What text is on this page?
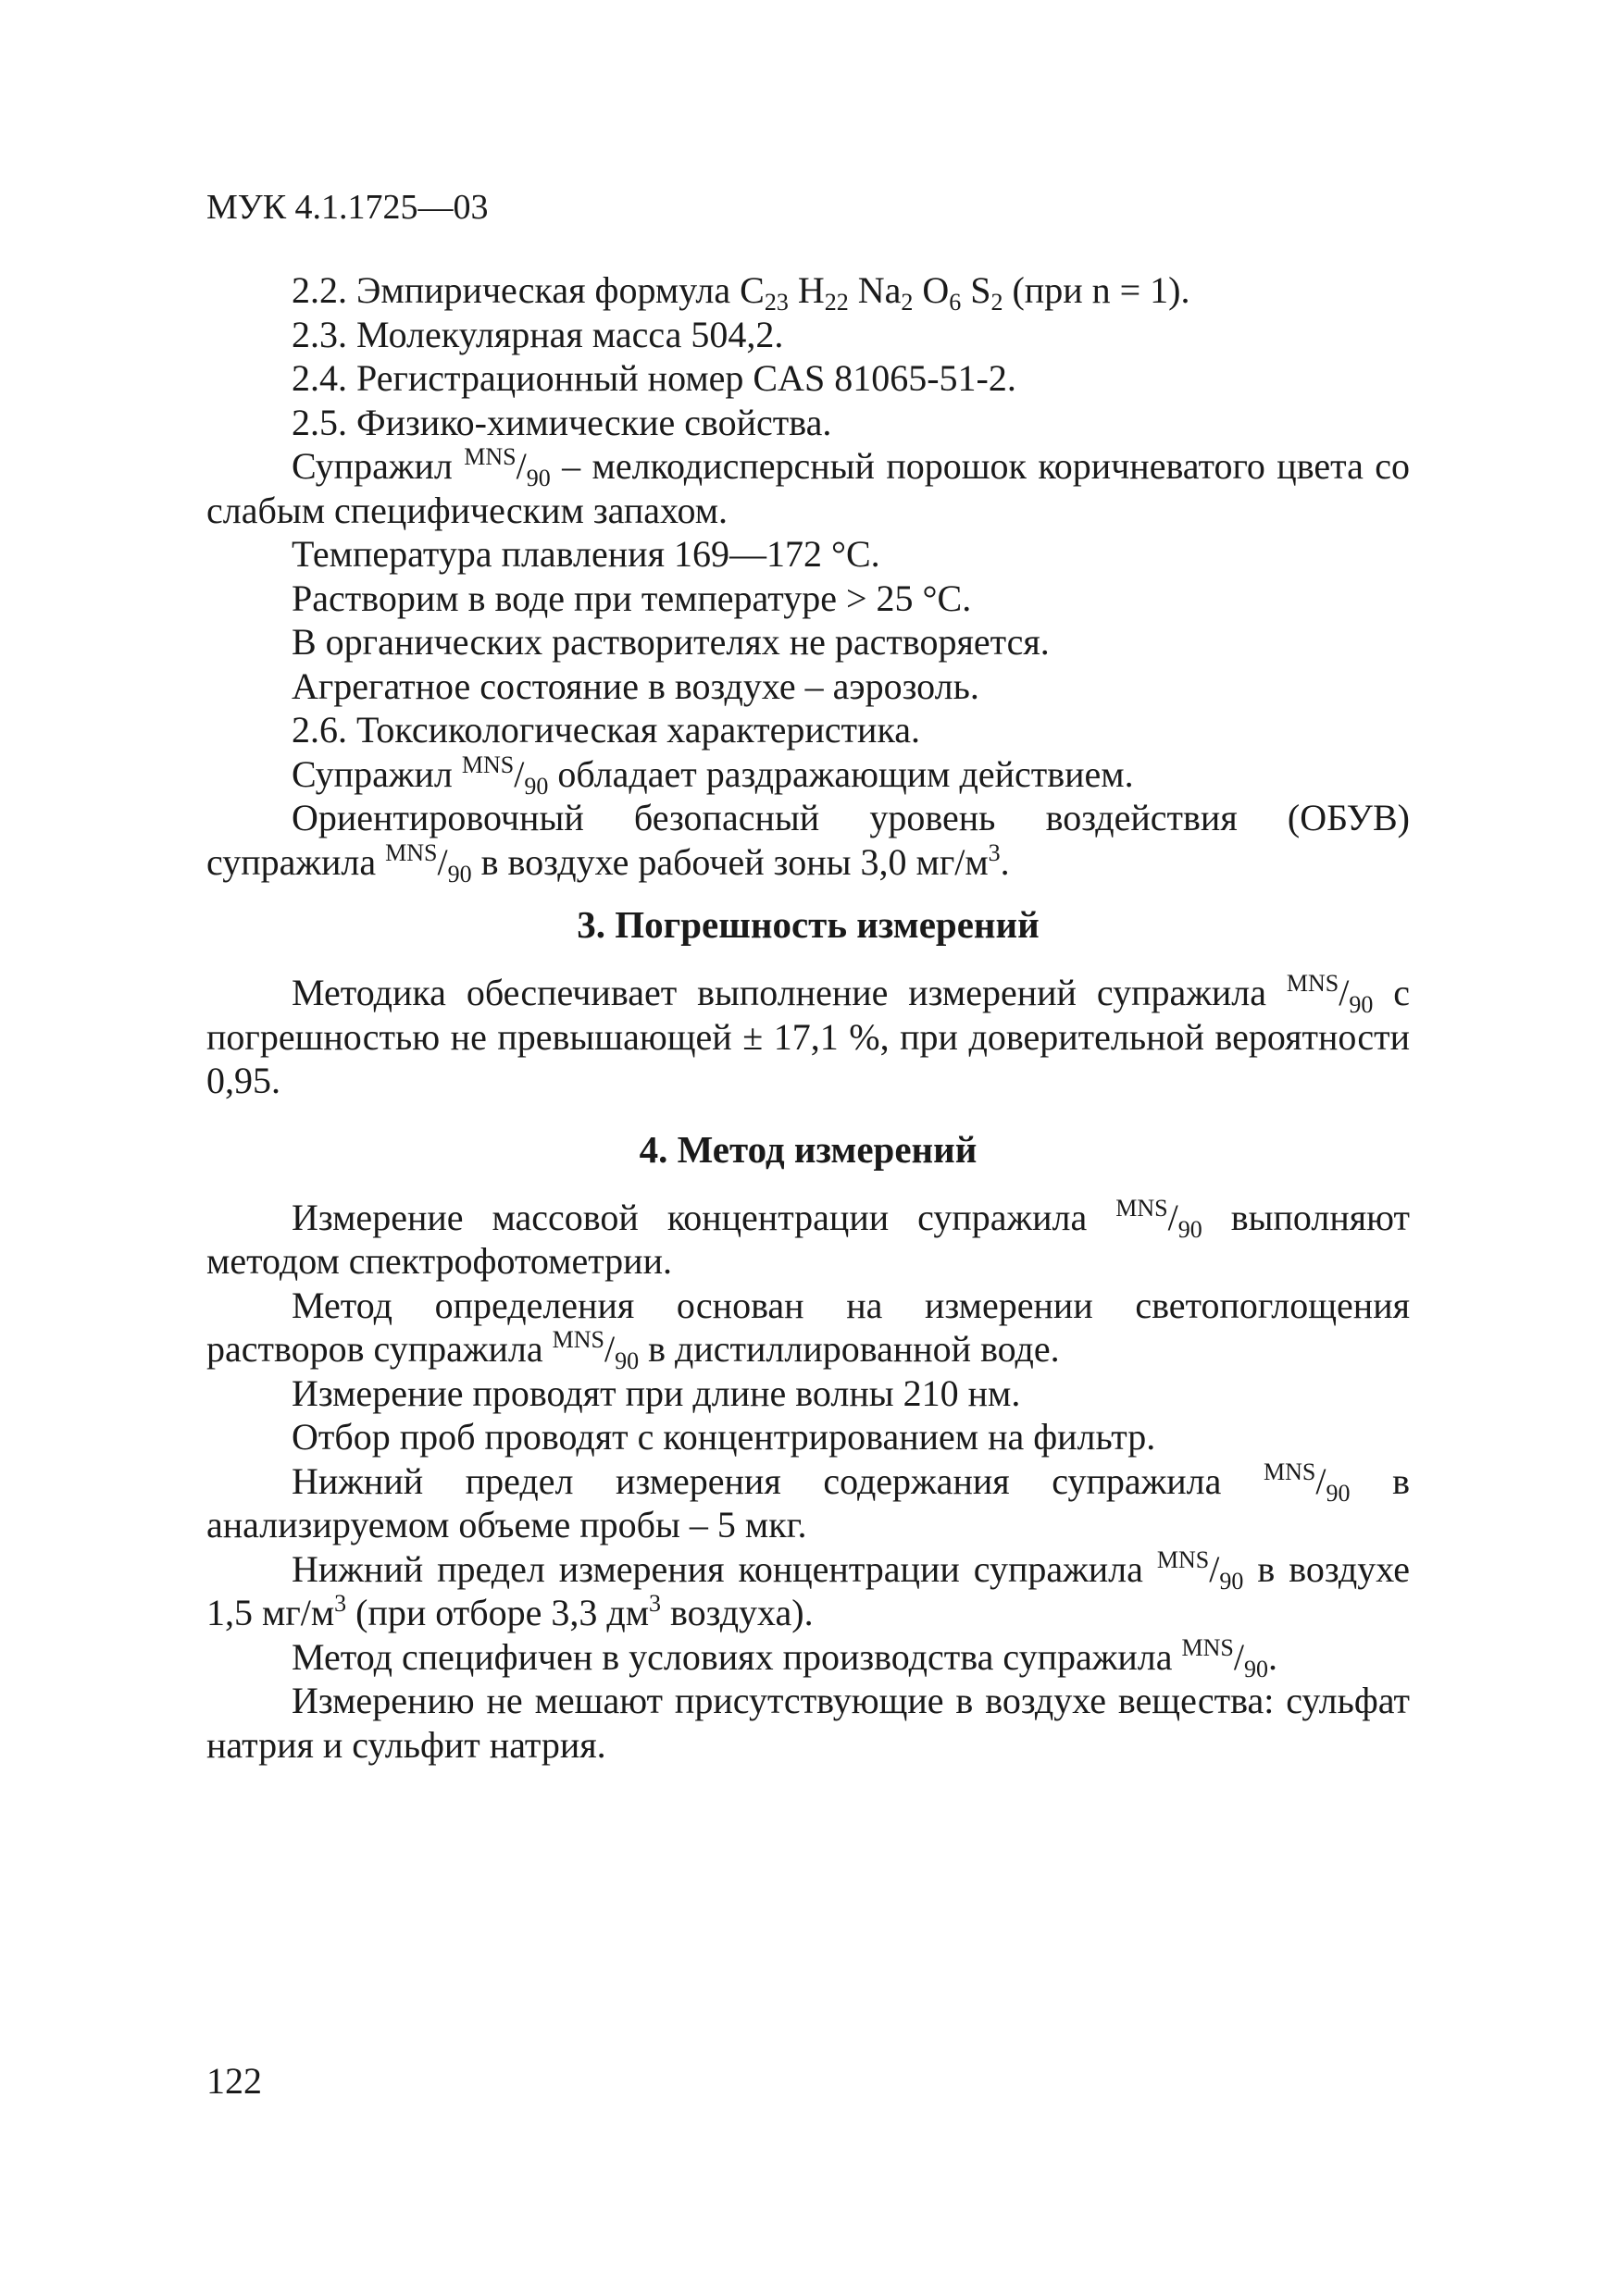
МУК 4.1.1725—03

2.2. Эмпирическая формула $C_{23}$ $H_{22}$ $Na_2$ $O_6$ $S_2$ (при n = 1).

2.3. Молекулярная масса 504,2.

2.4. Регистрационный номер CAS 81065-51-2.

2.5. Физико-химические свойства.

Супражил $^{MNS}/_{90}$ – мелкодисперсный порошок коричневатого цвета со слабым специфическим запахом.

Температура плавления 169—172 °C.

Растворим в воде при температуре > 25 °C.

В органических растворителях не растворяется.

Агрегатное состояние в воздухе – аэрозоль.

2.6. Токсикологическая характеристика.

Супражил $^{MNS}/_{90}$ обладает раздражающим действием.

Ориентировочный безопасный уровень воздействия (ОБУВ) супражила $^{MNS}/_{90}$ в воздухе рабочей зоны 3,0 $мг/м^3$.

3. Погрешность измерений

Методика обеспечивает выполнение измерений супражила $^{MNS}/_{90}$ с погрешностью не превышающей ± 17,1 %, при доверительной вероятности 0,95.

4. Метод измерений

Измерение массовой концентрации супражила $^{MNS}/_{90}$ выполняют методом спектрофотометрии.

Метод определения основан на измерении светопоглощения растворов супражила $^{MNS}/_{90}$ в дистиллированной воде.

Измерение проводят при длине волны 210 нм.

Отбор проб проводят с концентрированием на фильтр.

Нижний предел измерения содержания супражила $^{MNS}/_{90}$ в анализируемом объеме пробы – 5 мкг.

Нижний предел измерения концентрации супражила $^{MNS}/_{90}$ в воздухе 1,5 $мг/м^3$ (при отборе 3,3 $дм^3$ воздуха).

Метод специфичен в условиях производства супражила $^{MNS}/_{90}$.

Измерению не мешают присутствующие в воздухе вещества: сульфат натрия и сульфит натрия.

122
